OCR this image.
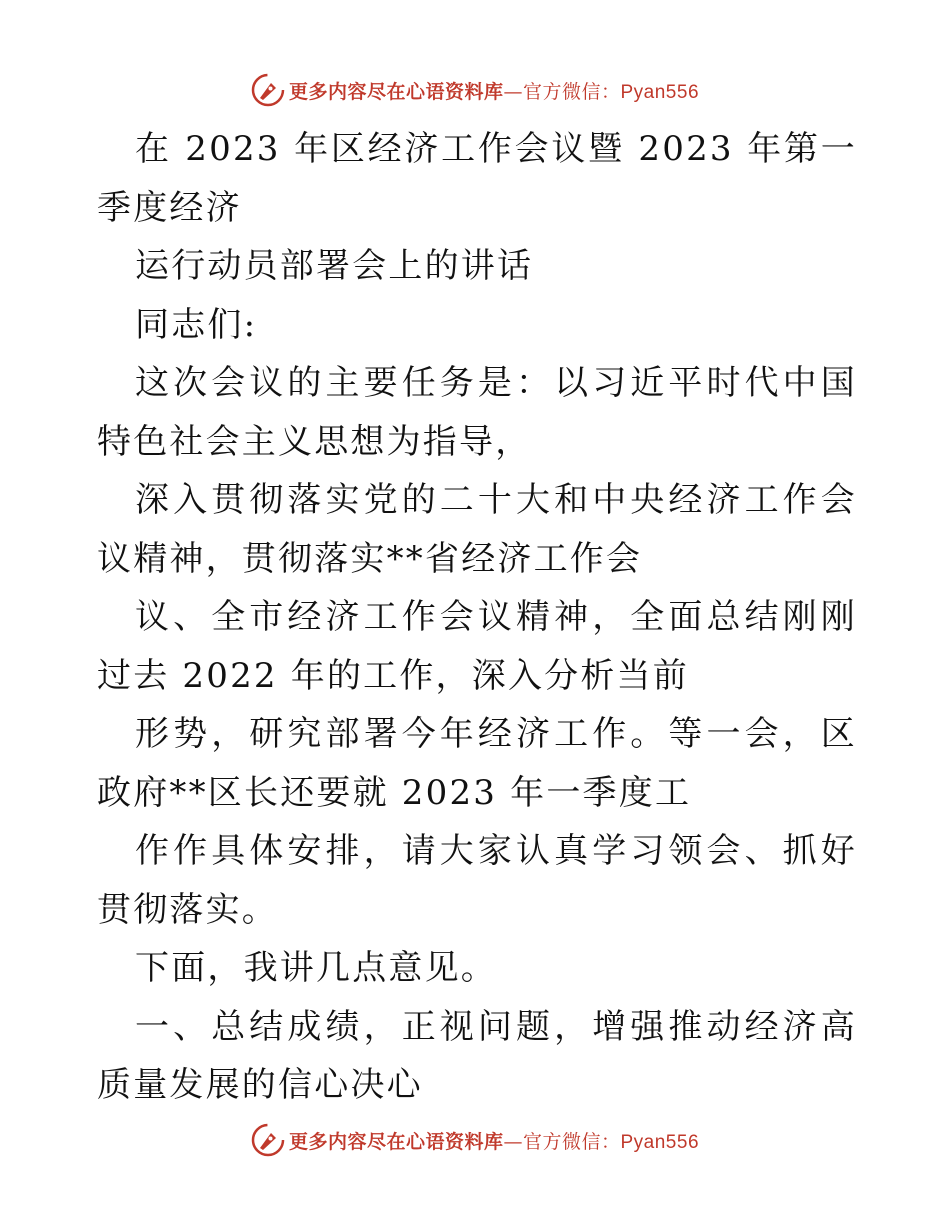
更多内容尽在心语资料库—官方微信：Pyan556

在 2023 年区经济工作会议暨 2023 年第一季度经济

运行动员部署会上的讲话

同志们:

这次会议的主要任务是：以习近平时代中国特色社会主义思想为指导，

深入贯彻落实党的二十大和中央经济工作会议精神，贯彻落实**省经济工作会

议、全市经济工作会议精神，全面总结刚刚过去 2022 年的工作，深入分析当前

形势，研究部署今年经济工作。等一会，区政府**区长还要就 2023 年一季度工

作作具体安排，请大家认真学习领会、抓好贯彻落实。

下面，我讲几点意见。

一、总结成绩，正视问题，增强推动经济高质量发展的信心决心

更多内容尽在心语资料库—官方微信：Pyan556
